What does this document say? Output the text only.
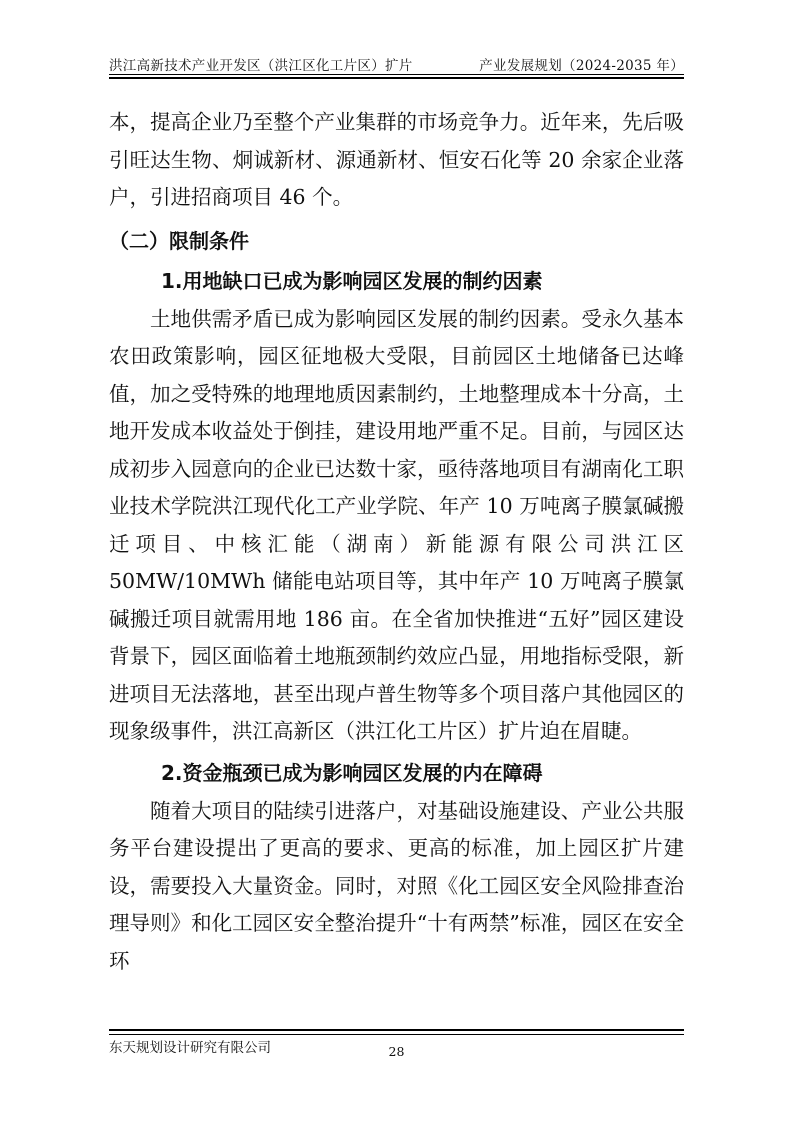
洪江高新技术产业开发区（洪江区化工片区）扩片	产业发展规划（2024-2035 年）

本，提高企业乃至整个产业集群的市场竞争力。近年来，先后吸引旺达生物、炯诚新材、源通新材、恒安石化等 20 余家企业落户，引进招商项目 46 个。

（二）限制条件

1.用地缺口已成为影响园区发展的制约因素

土地供需矛盾已成为影响园区发展的制约因素。受永久基本农田政策影响，园区征地极大受限，目前园区土地储备已达峰值，加之受特殊的地理地质因素制约，土地整理成本十分高，土地开发成本收益处于倒挂，建设用地严重不足。目前，与园区达成初步入园意向的企业已达数十家，亟待落地项目有湖南化工职业技术学院洪江现代化工产业学院、年产 10 万吨离子膜氯碱搬迁项目、中核汇能（湖南）新能源有限公司洪江区 50MW/10MWh 储能电站项目等，其中年产 10 万吨离子膜氯碱搬迁项目就需用地 186 亩。在全省加快推进“五好”园区建设背景下，园区面临着土地瓶颈制约效应凸显，用地指标受限，新进项目无法落地，甚至出现卢普生物等多个项目落户其他园区的现象级事件，洪江高新区（洪江化工片区）扩片迫在眉睫。

2.资金瓶颈已成为影响园区发展的内在障碍

随着大项目的陆续引进落户，对基础设施建设、产业公共服务平台建设提出了更高的要求、更高的标准，加上园区扩片建设，需要投入大量资金。同时，对照《化工园区安全风险排查治理导则》和化工园区安全整治提升“十有两禁”标准，园区在安全环

东天规划设计研究有限公司	28
